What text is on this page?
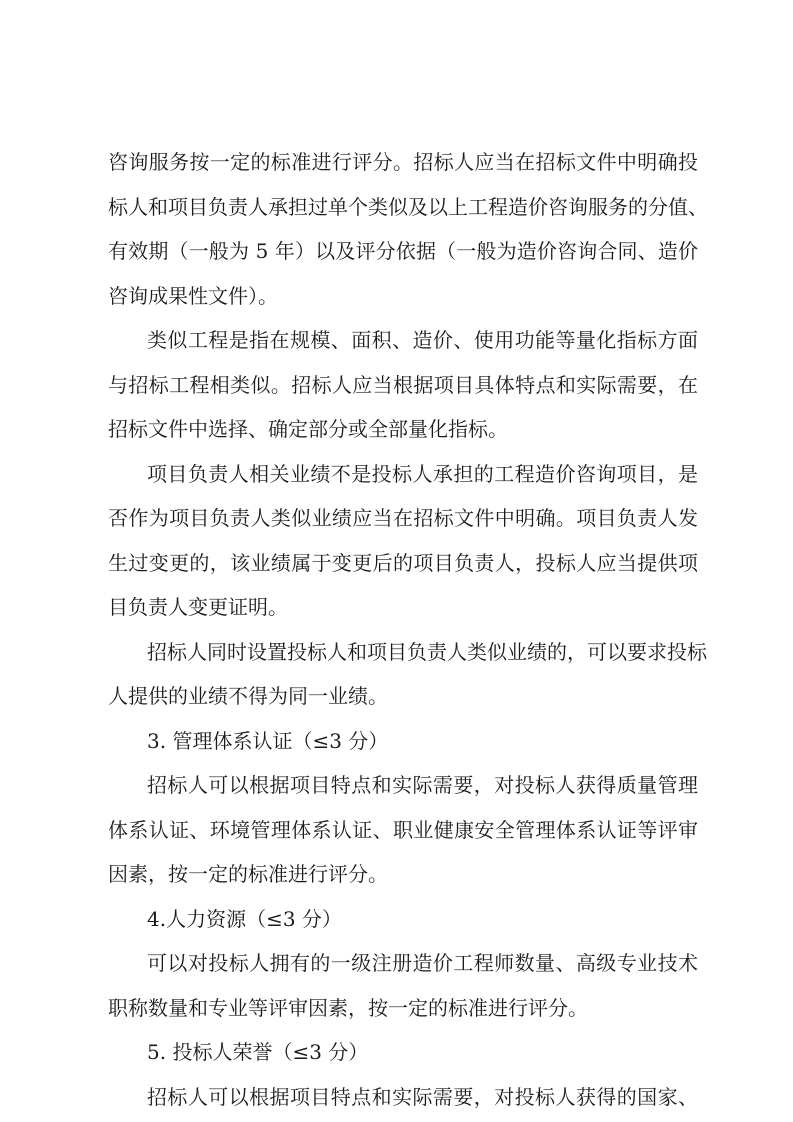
咨询服务按一定的标准进行评分。招标人应当在招标文件中明确投
标人和项目负责人承担过单个类似及以上工程造价咨询服务的分值、
有效期（一般为 5 年）以及评分依据（一般为造价咨询合同、造价
咨询成果性文件）。
类似工程是指在规模、面积、造价、使用功能等量化指标方面
与招标工程相类似。招标人应当根据项目具体特点和实际需要，在
招标文件中选择、确定部分或全部量化指标。
项目负责人相关业绩不是投标人承担的工程造价咨询项目，是
否作为项目负责人类似业绩应当在招标文件中明确。项目负责人发
生过变更的，该业绩属于变更后的项目负责人，投标人应当提供项
目负责人变更证明。
招标人同时设置投标人和项目负责人类似业绩的，可以要求投标
人提供的业绩不得为同一业绩。
3. 管理体系认证（≤3 分）
招标人可以根据项目特点和实际需要，对投标人获得质量管理
体系认证、环境管理体系认证、职业健康安全管理体系认证等评审
因素，按一定的标准进行评分。
4.人力资源（≤3 分）
可以对投标人拥有的一级注册造价工程师数量、高级专业技术
职称数量和专业等评审因素，按一定的标准进行评分。
5. 投标人荣誉（≤3 分）
招标人可以根据项目特点和实际需要，对投标人获得的国家、
